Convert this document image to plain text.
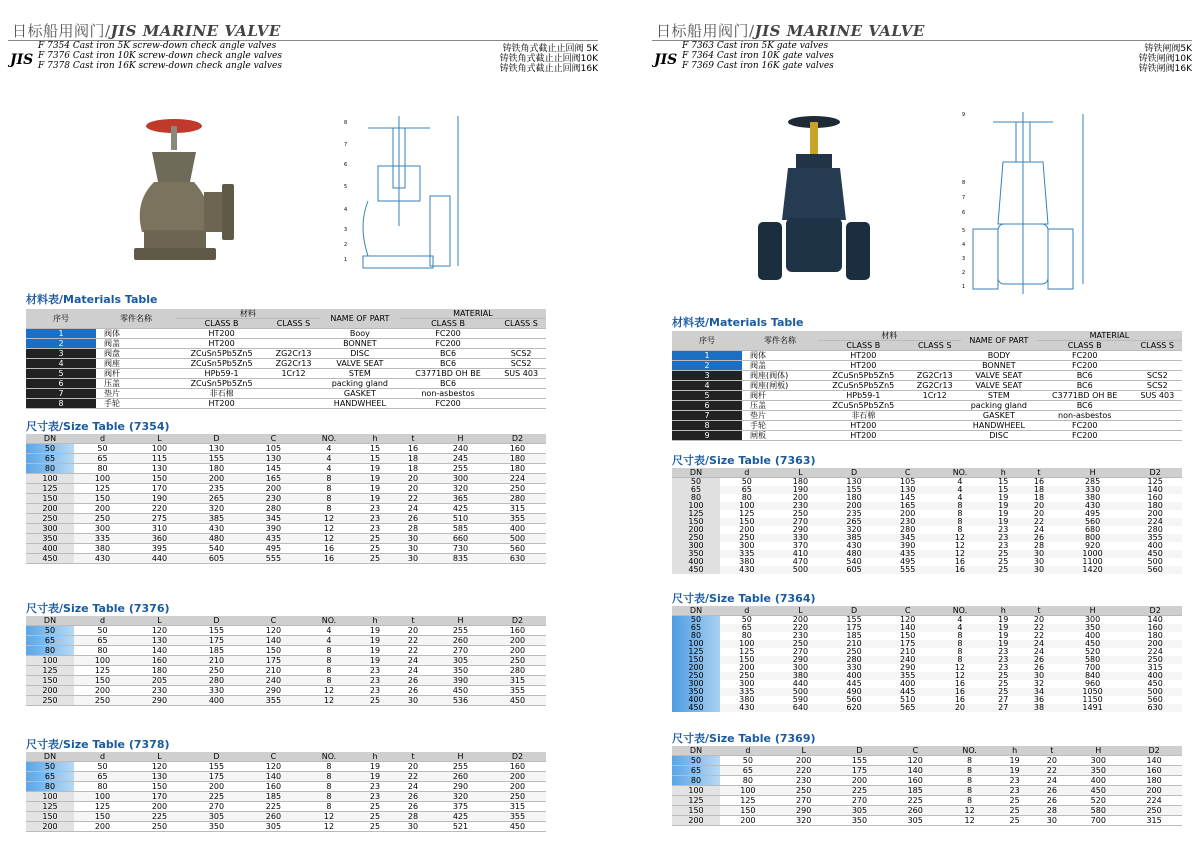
日标船用阀门/JIS MARINE VALVE
JIS
F 7354 Cast iron 5K screw-down check angle valves
F 7376 Cast iron 10K screw-down check angle valves
F 7378 Cast iron 16K screw-down check angle valves
铸铁角式截止止回阀 5K
铸铁角式截止止回阀10K
铸铁角式截止止回阀16K
8
7
6
5
4
3
2
1
材料表/Materials Table
序号	零件名称	材料		NAME OF PART	MATERIAL	
		CLASS B	CLASS S		CLASS B	CLASS S
1	阀体	HT200		Booy	FC200	
2	阀盖	HT200		BONNET	FC200	
3	阀盘	ZCuSn5Pb5Zn5	ZG2Cr13	DISC	BC6	SCS2
4	阀座	ZCuSn5Pb5Zn5	ZG2Cr13	VALVE SEAT	BC6	SCS2
5	阀杆	HPb59-1	1Cr12	STEM	C3771BD OH BE	SUS 403
6	压盖	ZCuSn5Pb5Zn5		packing gland	BC6	
7	垫片	非石棉		GASKET	non-asbestos	
8	手轮	HT200		HANDWHEEL	FC200	
尺寸表/Size Table (7354)
DN	d	L	D	C	NO.	h	t	H	D2
50	50	100	130	105	4	15	16	240	160
65	65	115	155	130	4	15	18	245	180
80	80	130	180	145	4	19	18	255	180
100	100	150	200	165	8	19	20	300	224
125	125	170	235	200	8	19	20	320	250
150	150	190	265	230	8	19	22	365	280
200	200	220	320	280	8	23	24	425	315
250	250	275	385	345	12	23	26	510	355
300	300	310	430	390	12	23	28	585	400
350	335	360	480	435	12	25	30	660	500
400	380	395	540	495	16	25	30	730	560
450	430	440	605	555	16	25	30	835	630
尺寸表/Size Table (7376)
DN	d	L	D	C	NO.	h	t	H	D2
50	50	120	155	120	4	19	20	255	160
65	65	130	175	140	4	19	22	260	200
80	80	140	185	150	8	19	22	270	200
100	100	160	210	175	8	19	24	305	250
125	125	180	250	210	8	23	24	350	280
150	150	205	280	240	8	23	26	390	315
200	200	230	330	290	12	23	26	450	355
250	250	290	400	355	12	25	30	536	450
尺寸表/Size Table (7378)
DN	d	L	D	C	NO.	h	t	H	D2
50	50	120	155	120	8	19	20	255	160
65	65	130	175	140	8	19	22	260	200
80	80	150	200	160	8	23	24	290	200
100	100	170	225	185	8	23	26	320	250
125	125	200	270	225	8	25	26	375	315
150	150	225	305	260	12	25	28	425	355
200	200	250	350	305	12	25	30	521	450
日标船用阀门/JIS MARINE VALVE
JIS
F 7363 Cast iron 5K gate valves
F 7364 Cast iron 10K gate valves
F 7369 Cast iron 16K gate valves
铸铁闸阀5K
铸铁闸阀10K
铸铁闸阀16K
9
8
7
6
5
4
3
2
1
材料表/Materials Table
序号	零件名称	材料		NAME OF PART	MATERIAL	
		CLASS B	CLASS S		CLASS B	CLASS S
1	阀体	HT200		BODY	FC200	
2	阀盖	HT200		BONNET	FC200	
3	阀座(阀体)	ZCuSn5Pb5Zn5	ZG2Cr13	VALVE SEAT	BC6	SCS2
4	阀座(闸板)	ZCuSn5Pb5Zn5	ZG2Cr13	VALVE SEAT	BC6	SCS2
5	阀杆	HPb59-1	1Cr12	STEM	C3771BD OH BE	SUS 403
6	压盖	ZCuSn5Pb5Zn5		packing gland	BC6	
7	垫片	非石棉		GASKET	non-asbestos	
8	手轮	HT200		HANDWHEEL	FC200	
9	闸板	HT200		DISC	FC200	
尺寸表/Size Table (7363)
DN	d	L	D	C	NO.	h	t	H	D2
50	50	180	130	105	4	15	16	285	125
65	65	190	155	130	4	15	18	330	140
80	80	200	180	145	4	19	18	380	160
100	100	230	200	165	8	19	20	430	180
125	125	250	235	200	8	19	20	495	200
150	150	270	265	230	8	19	22	560	224
200	200	290	320	280	8	23	24	680	280
250	250	330	385	345	12	23	26	800	355
300	300	370	430	390	12	23	28	920	400
350	335	410	480	435	12	25	30	1000	450
400	380	470	540	495	16	25	30	1100	500
450	430	500	605	555	16	25	30	1420	560
尺寸表/Size Table (7364)
DN	d	L	D	C	NO.	h	t	H	D2
50	50	200	155	120	4	19	20	300	140
65	65	220	175	140	4	19	22	350	160
80	80	230	185	150	8	19	22	400	180
100	100	250	210	175	8	19	24	450	200
125	125	270	250	210	8	23	24	520	224
150	150	290	280	240	8	23	26	580	250
200	200	300	330	290	12	23	26	700	315
250	250	380	400	355	12	25	30	840	400
300	300	440	445	400	16	25	32	960	450
350	335	500	490	445	16	25	34	1050	500
400	380	590	560	510	16	27	36	1150	560
450	430	640	620	565	20	27	38	1491	630
尺寸表/Size Table (7369)
DN	d	L	D	C	NO.	h	t	H	D2
50	50	200	155	120	8	19	20	300	140
65	65	220	175	140	8	19	22	350	160
80	80	230	200	160	8	23	24	400	180
100	100	250	225	185	8	23	26	450	200
125	125	270	270	225	8	25	26	520	224
150	150	290	305	260	12	25	28	580	250
200	200	320	350	305	12	25	30	700	315
